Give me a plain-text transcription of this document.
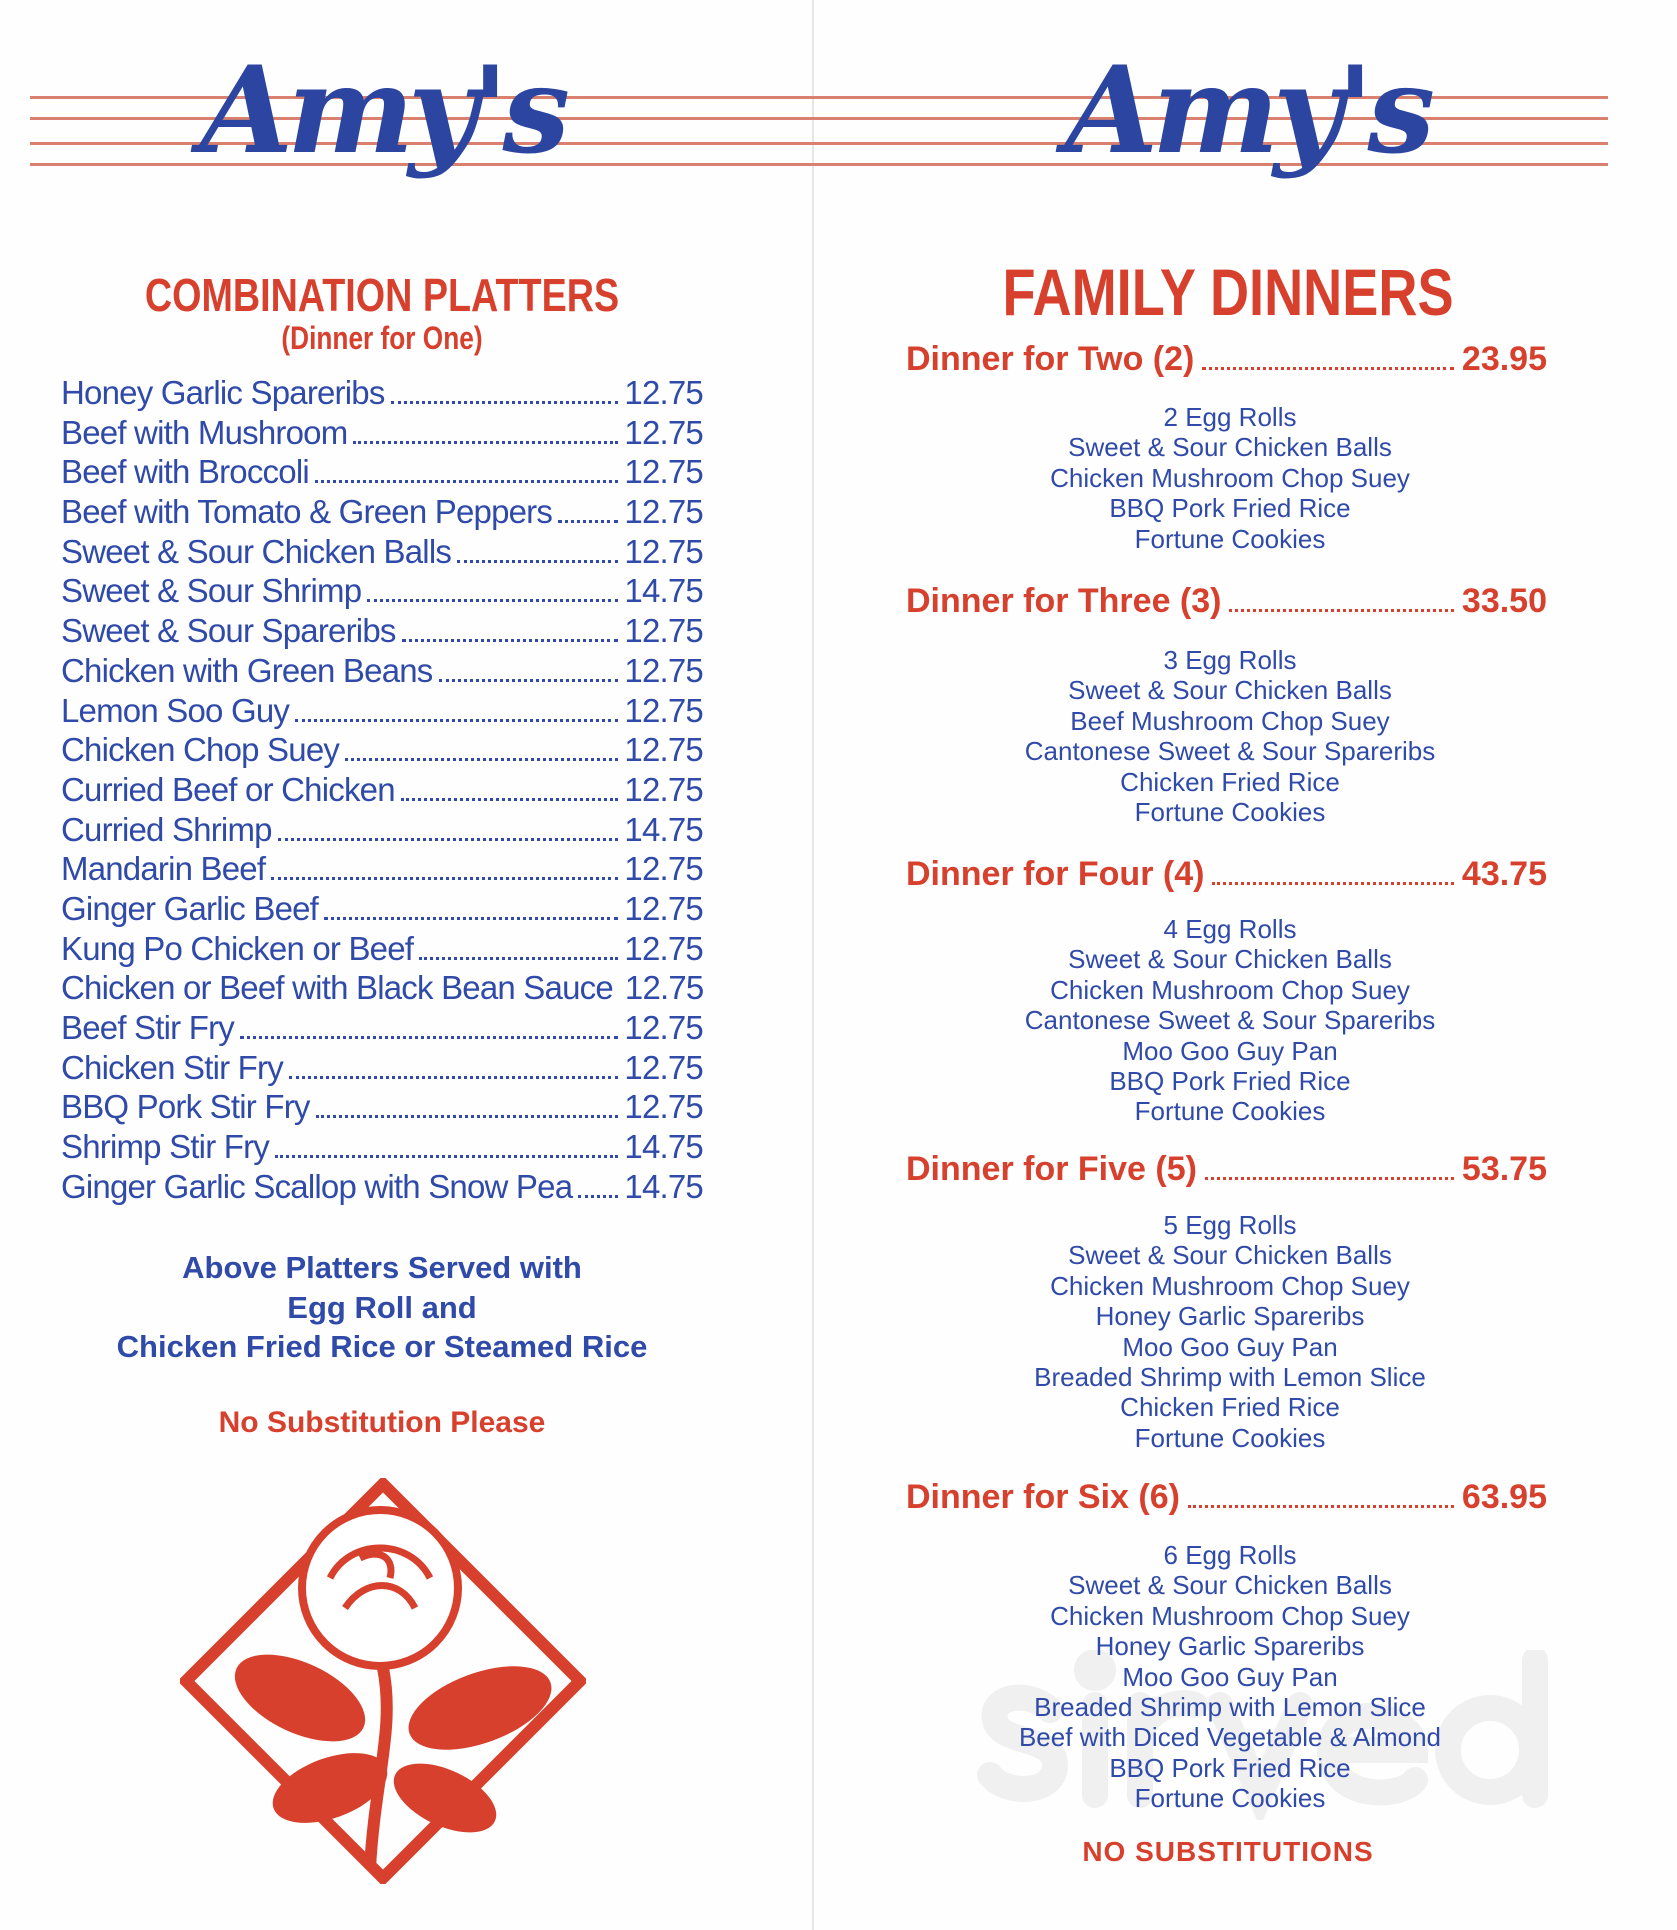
Amy's	Amy's
COMBINATION PLATTERS
(Dinner for One)
Honey Garlic Spareribs	12.75
Beef with Mushroom	12.75
Beef with Broccoli	12.75
Beef with Tomato & Green Peppers 12.75
Sweet & Sour Chicken Balls	12.75
Sweet & Sour Shrimp	14.75
Sweet & Sour Spareribs	12.75
Chicken with Green Beans	12.75
Lemon Soo Guy	12.75
Chicken Chop Suey	12.75
Curried Beef or Chicken	12.75
Curried Shrimp	14.75
Mandarin Beef	12.75
Ginger Garlic Beef	12.75
Kung Po Chicken or Beef	12.75
Chicken or Beef with Black Bean Sauce 12.75
Beef Stir Fry	12.75
Chicken Stir Fry	12.75
BBQ Pork Stir Fry	12.75
Shrimp Stir Fry	14.75
Ginger Garlic Scallop with Snow Pea 14.75
Above Platters Served with
Egg Roll and
Chicken Fried Rice or Steamed Rice
No Substitution Please
FAMILY DINNERS
Dinner for Two (2)	23.95
2 Egg Rolls
Sweet & Sour Chicken Balls
Chicken Mushroom Chop Suey
BBQ Pork Fried Rice
Fortune Cookies
Dinner for Three (3)	33.50
3 Egg Rolls
Sweet & Sour Chicken Balls
Beef Mushroom Chop Suey
Cantonese Sweet & Sour Spareribs
Chicken Fried Rice
Fortune Cookies
Dinner for Four (4)	43.75
4 Egg Rolls
Sweet & Sour Chicken Balls
Chicken Mushroom Chop Suey
Cantonese Sweet & Sour Spareribs
Moo Goo Guy Pan
BBQ Pork Fried Rice
Fortune Cookies
Dinner for Five (5)	53.75
5 Egg Rolls
Sweet & Sour Chicken Balls
Chicken Mushroom Chop Suey
Honey Garlic Spareribs
Moo Goo Guy Pan
Breaded Shrimp with Lemon Slice
Chicken Fried Rice
Fortune Cookies
Dinner for Six (6)	63.95
6 Egg Rolls
Sweet & Sour Chicken Balls
Chicken Mushroom Chop Suey
Honey Garlic Spareribs
Moo Goo Guy Pan
Breaded Shrimp with Lemon Slice
Beef with Diced Vegetable & Almond
BBQ Pork Fried Rice
Fortune Cookies
NO SUBSTITUTIONS
